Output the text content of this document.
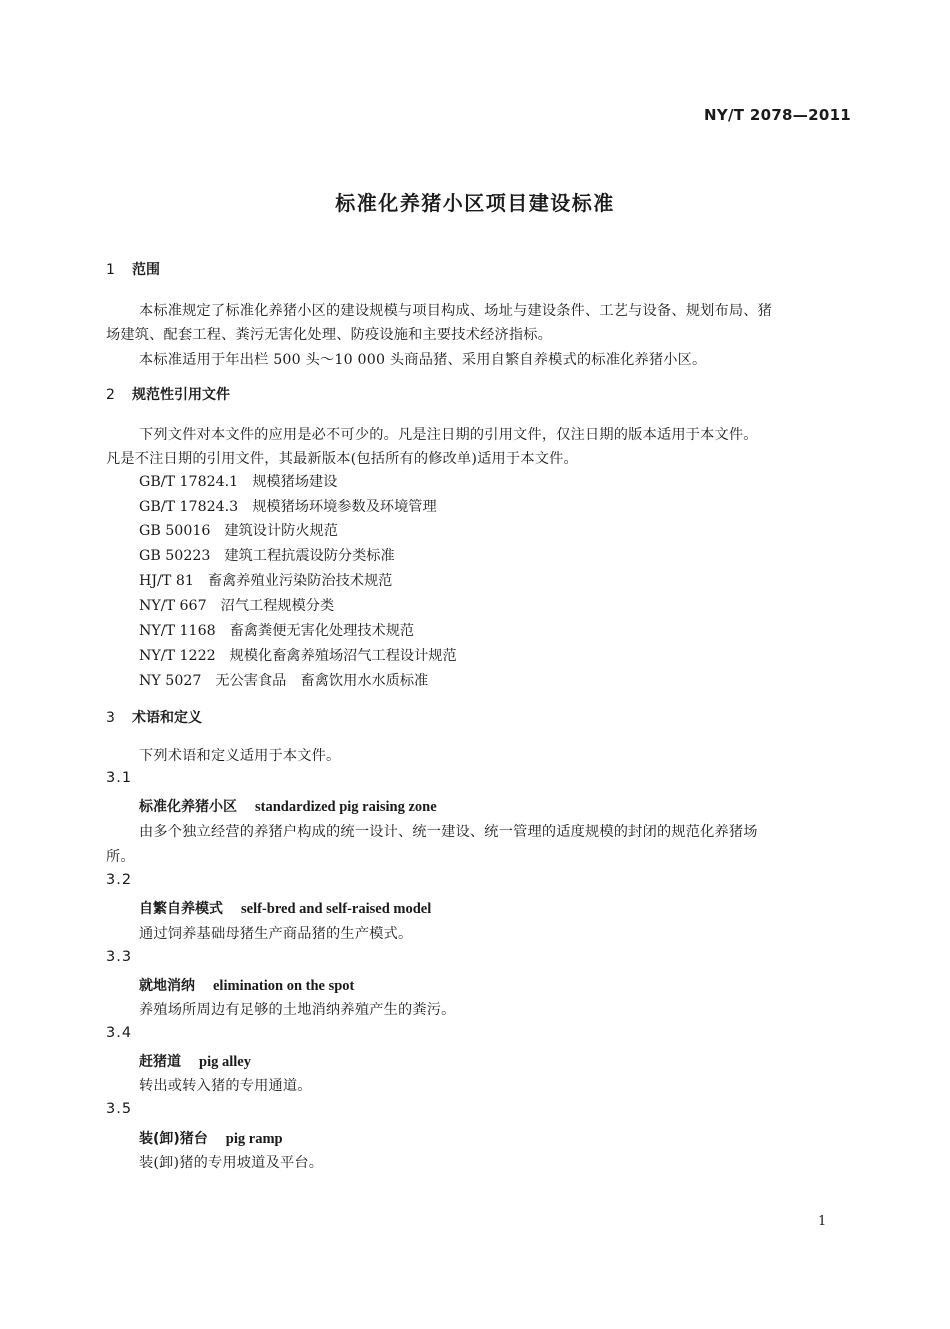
NY/T 2078—2011
标准化养猪小区项目建设标准
1 范围
本标准规定了标准化养猪小区的建设规模与项目构成、场址与建设条件、工艺与设备、规划布局、猪
场建筑、配套工程、粪污无害化处理、防疫设施和主要技术经济指标。
本标准适用于年出栏 500 头～10 000 头商品猪、采用自繁自养模式的标准化养猪小区。
2 规范性引用文件
下列文件对本文件的应用是必不可少的。凡是注日期的引用文件，仅注日期的版本适用于本文件。
凡是不注日期的引用文件，其最新版本(包括所有的修改单)适用于本文件。
GB/T 17824.1 规模猪场建设
GB/T 17824.3 规模猪场环境参数及环境管理
GB 50016 建筑设计防火规范
GB 50223 建筑工程抗震设防分类标准
HJ/T 81 畜禽养殖业污染防治技术规范
NY/T 667 沼气工程规模分类
NY/T 1168 畜禽粪便无害化处理技术规范
NY/T 1222 规模化畜禽养殖场沼气工程设计规范
NY 5027 无公害食品　畜禽饮用水水质标准
3 术语和定义
下列术语和定义适用于本文件。
3.1
标准化养猪小区 standardized pig raising zone
由多个独立经营的养猪户构成的统一设计、统一建设、统一管理的适度规模的封闭的规范化养猪场
所。
3.2
自繁自养模式 self-bred and self-raised model
通过饲养基础母猪生产商品猪的生产模式。
3.3
就地消纳 elimination on the spot
养殖场所周边有足够的土地消纳养殖产生的粪污。
3.4
赶猪道 pig alley
转出或转入猪的专用通道。
3.5
装(卸)猪台 pig ramp
装(卸)猪的专用坡道及平台。
1
